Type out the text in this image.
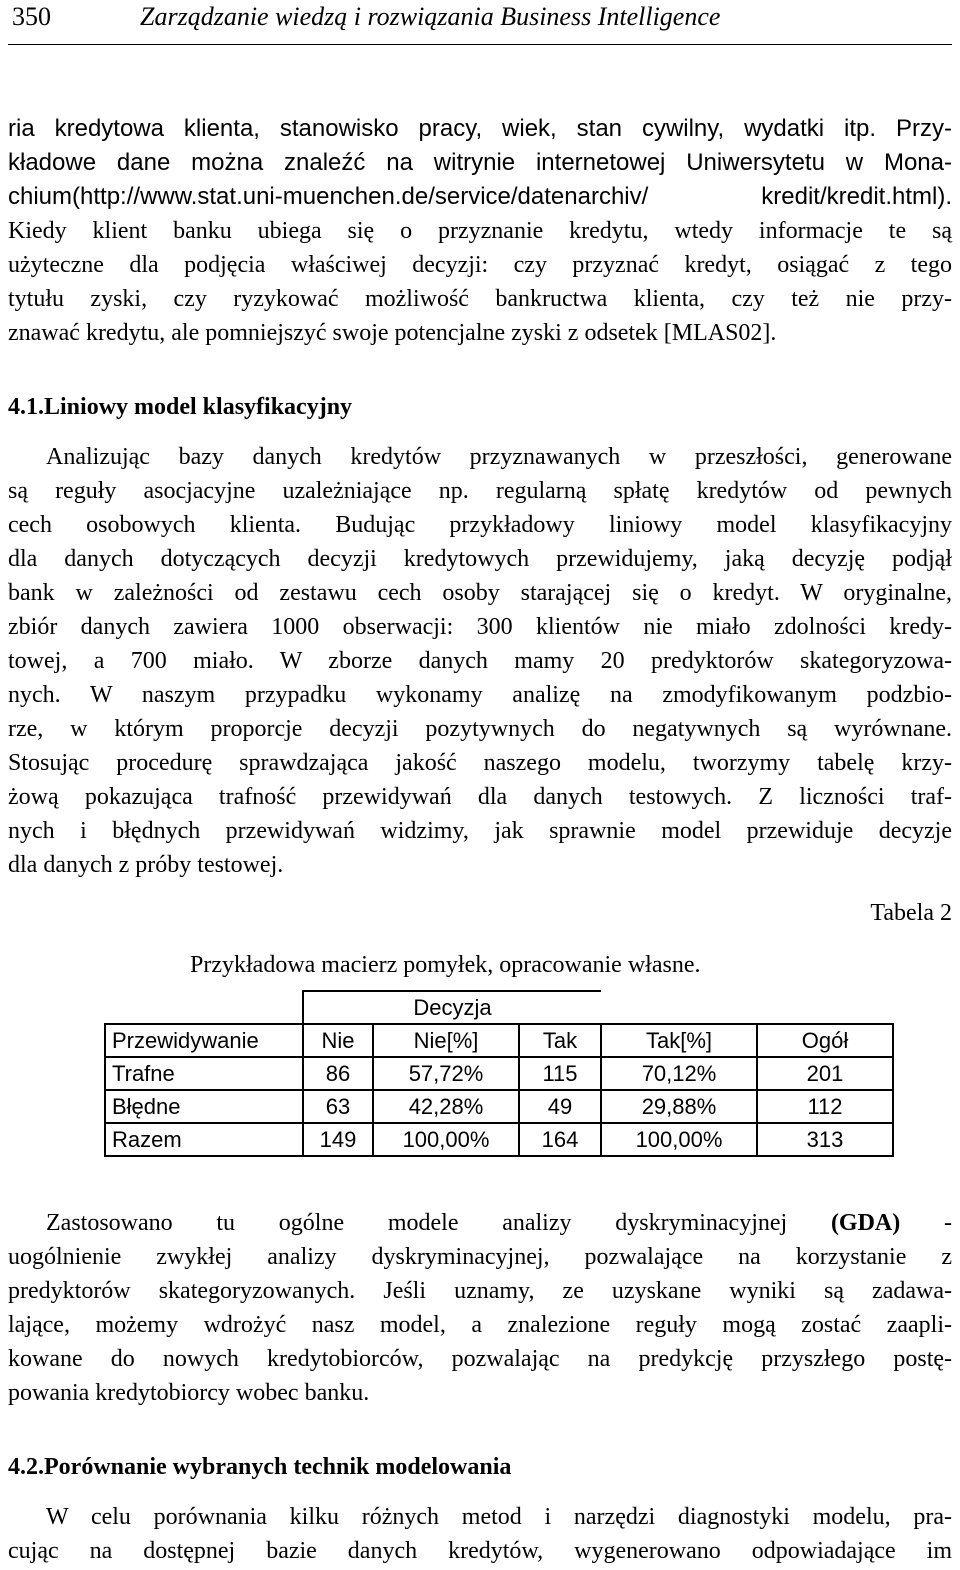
350	Zarządzanie wiedzą i rozwiązania Business Intelligence
ria kredytowa klienta, stanowisko pracy, wiek, stan cywilny, wydatki itp. Przy-
kładowe dane można znaleźć na witrynie internetowej Uniwersytetu w Mona-
chium(http://www.stat.uni-muenchen.de/service/datenarchiv/ kredit/kredit.html).
Kiedy klient banku ubiega się o przyznanie kredytu, wtedy informacje te są
użyteczne dla podjęcia właściwej decyzji: czy przyznać kredyt, osiągać z tego
tytułu zyski, czy ryzykować możliwość bankructwa klienta, czy też nie przy-
znawać kredytu, ale pomniejszyć swoje potencjalne zyski z odsetek [MLAS02].
4.1.Liniowy model klasyfikacyjny
Analizując bazy danych kredytów przyznawanych w przeszłości, generowane
są reguły asocjacyjne uzależniające np. regularną spłatę kredytów od pewnych
cech osobowych klienta. Budując przykładowy liniowy model klasyfikacyjny
dla danych dotyczących decyzji kredytowych przewidujemy, jaką decyzję podjął
bank w zależności od zestawu cech osoby starającej się o kredyt. W oryginalne,
zbiór danych zawiera 1000 obserwacji: 300 klientów nie miało zdolności kredy-
towej, a 700 miało. W zborze danych mamy 20 predyktorów skategoryzowa-
nych. W naszym przypadku wykonamy analizę na zmodyfikowanym podzbio-
rze, w którym proporcje decyzji pozytywnych do negatywnych są wyrównane.
Stosując procedurę sprawdzająca jakość naszego modelu, tworzymy tabelę krzy-
żową pokazująca trafność przewidywań dla danych testowych. Z liczności traf-
nych i błędnych przewidywań widzimy, jak sprawnie model przewiduje decyzje
dla danych z próby testowej.
Tabela 2
Przykładowa macierz pomyłek, opracowanie własne.
	Decyzja				
Przewidywanie	Nie	Nie[%]	Tak	Tak[%]	Ogół
Trafne	86	57,72%	115	70,12%	201
Błędne	63	42,28%	49	29,88%	112
Razem	149	100,00%	164	100,00%	313
Zastosowano tu ogólne modele analizy dyskryminacyjnej (GDA) -
uogólnienie zwykłej analizy dyskryminacyjnej, pozwalające na korzystanie z
predyktorów skategoryzowanych. Jeśli uznamy, ze uzyskane wyniki są zadawa-
lające, możemy wdrożyć nasz model, a znalezione reguły mogą zostać zaapli-
kowane do nowych kredytobiorców, pozwalając na predykcję przyszłego postę-
powania kredytobiorcy wobec banku.
4.2.Porównanie wybranych technik modelowania
W celu porównania kilku różnych metod i narzędzi diagnostyki modelu, pra-
cując na dostępnej bazie danych kredytów, wygenerowano odpowiadające im
